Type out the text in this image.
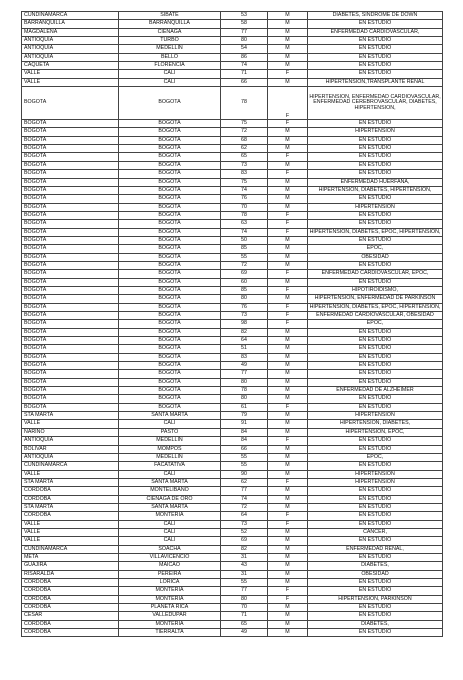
CUNDINAMARCA	SIBATE	53	M	DIABETES, SINDROME DE DOWN
BARRANQUILLA	BARRANQUILLA	58	M	EN ESTUDIO
MAGDALENA	CIENAGA	77	M	ENFERMEDAD CARDIOVASCULAR,
ANTIOQUIA	TURBO	80	M	EN ESTUDIO
ANTIOQUIA	MEDELLIN	54	M	EN ESTUDIO
ANTIOQUIA	BELLO	86	M	EN ESTUDIO
CAQUETA	FLORENCIA	74	M	EN ESTUDIO
VALLE	CALI	71	F	EN ESTUDIO
VALLE	CALI	66	M	HIPERTENSION,TRANSPLANTE RENAL
BOGOTA	BOGOTA	78	F	HIPERTENSION, ENFERMEDAD CARDIOVASCULAR, ENFERMEDAD CEREBROVASCULAR, DIABETES, HIPERTENSION,
BOGOTA	BOGOTA	75	F	EN ESTUDIO
BOGOTA	BOGOTA	72	M	HIPERTENSION
BOGOTA	BOGOTA	68	M	EN ESTUDIO
BOGOTA	BOGOTA	62	M	EN ESTUDIO
BOGOTA	BOGOTA	65	F	EN ESTUDIO
BOGOTA	BOGOTA	73	M	EN ESTUDIO
BOGOTA	BOGOTA	83	F	EN ESTUDIO
BOGOTA	BOGOTA	75	M	ENFERMEDAD HUERFANA,
BOGOTA	BOGOTA	74	M	HIPERTENSION, DIABETES, HIPERTENSION,
BOGOTA	BOGOTA	76	M	EN ESTUDIO
BOGOTA	BOGOTA	70	M	HIPERTENSION
BOGOTA	BOGOTA	78	F	EN ESTUDIO
BOGOTA	BOGOTA	63	F	EN ESTUDIO
BOGOTA	BOGOTA	74	F	HIPERTENSION, DIABETES, EPOC, HIPERTENSION,
BOGOTA	BOGOTA	50	M	EN ESTUDIO
BOGOTA	BOGOTA	85	M	EPOC,
BOGOTA	BOGOTA	55	M	OBESIDAD
BOGOTA	BOGOTA	72	M	EN ESTUDIO
BOGOTA	BOGOTA	69	F	ENFERMEDAD CARDIOVASCULAR, EPOC,
BOGOTA	BOGOTA	60	M	EN ESTUDIO
BOGOTA	BOGOTA	85	F	HIPOTIROIDISMO,
BOGOTA	BOGOTA	80	M	HIPERTENSION, ENFERMEDAD DE PARKINSON
BOGOTA	BOGOTA	76	F	HIPERTENSION, DIABETES, EPOC, HIPERTENSION,
BOGOTA	BOGOTA	73	F	ENFERMEDAD CARDIOVASCULAR, OBESIDAD
BOGOTA	BOGOTA	98	F	EPOC,
BOGOTA	BOGOTA	82	M	EN ESTUDIO
BOGOTA	BOGOTA	64	M	EN ESTUDIO
BOGOTA	BOGOTA	51	M	EN ESTUDIO
BOGOTA	BOGOTA	83	M	EN ESTUDIO
BOGOTA	BOGOTA	49	M	EN ESTUDIO
BOGOTA	BOGOTA	77	M	EN ESTUDIO
BOGOTA	BOGOTA	80	M	EN ESTUDIO
BOGOTA	BOGOTA	78	M	ENFERMEDAD DE ALZHEIMER
BOGOTA	BOGOTA	80	M	EN ESTUDIO
BOGOTA	BOGOTA	61	F	EN ESTUDIO
STA MARTA	SANTA MARTA	79	M	HIPERTENSION
VALLE	CALI	91	M	HIPERTENSION, DIABETES,
NARIÑO	PASTO	84	M	HIPERTENSION, EPOC,
ANTIOQUIA	MEDELLIN	84	F	EN ESTUDIO
BOLIVAR	MOMPOS	66	M	EN ESTUDIO
ANTIOQUIA	MEDELLIN	55	M	EPOC,
CUNDINAMARCA	FACATATIVA	55	M	EN ESTUDIO
VALLE	CALI	90	M	HIPERTENSION
STA MARTA	SANTA MARTA	62	F	HIPERTENSION
CORDOBA	MONTELIBANO	77	M	EN ESTUDIO
CORDOBA	CIENAGA DE ORO	74	M	EN ESTUDIO
STA MARTA	SANTA MARTA	72	M	EN ESTUDIO
CORDOBA	MONTERIA	64	F	EN ESTUDIO
VALLE	CALI	73	F	EN ESTUDIO
VALLE	CALI	52	M	CANCER,
VALLE	CALI	69	M	EN ESTUDIO
CUNDINAMARCA	SOACHA	82	M	ENFERMEDAD RENAL,
META	VILLAVICENCIO	31	M	EN ESTUDIO
GUAJIRA	MAICAO	43	M	DIABETES,
RISARALDA	PEREIRA	31	M	OBESIDAD
CORDOBA	LORICA	55	M	EN ESTUDIO
CORDOBA	MONTERIA	77	F	EN ESTUDIO
CORDOBA	MONTERIA	80	F	HIPERTENSION, PARKINSON
CORDOBA	PLANETA RICA	70	M	EN ESTUDIO
CESAR	VALLEDUPAR	71	M	EN ESTUDIO
CORDOBA	MONTERIA	65	M	DIABETES,
CORDOBA	TIERRALTA	49	M	EN ESTUDIO
